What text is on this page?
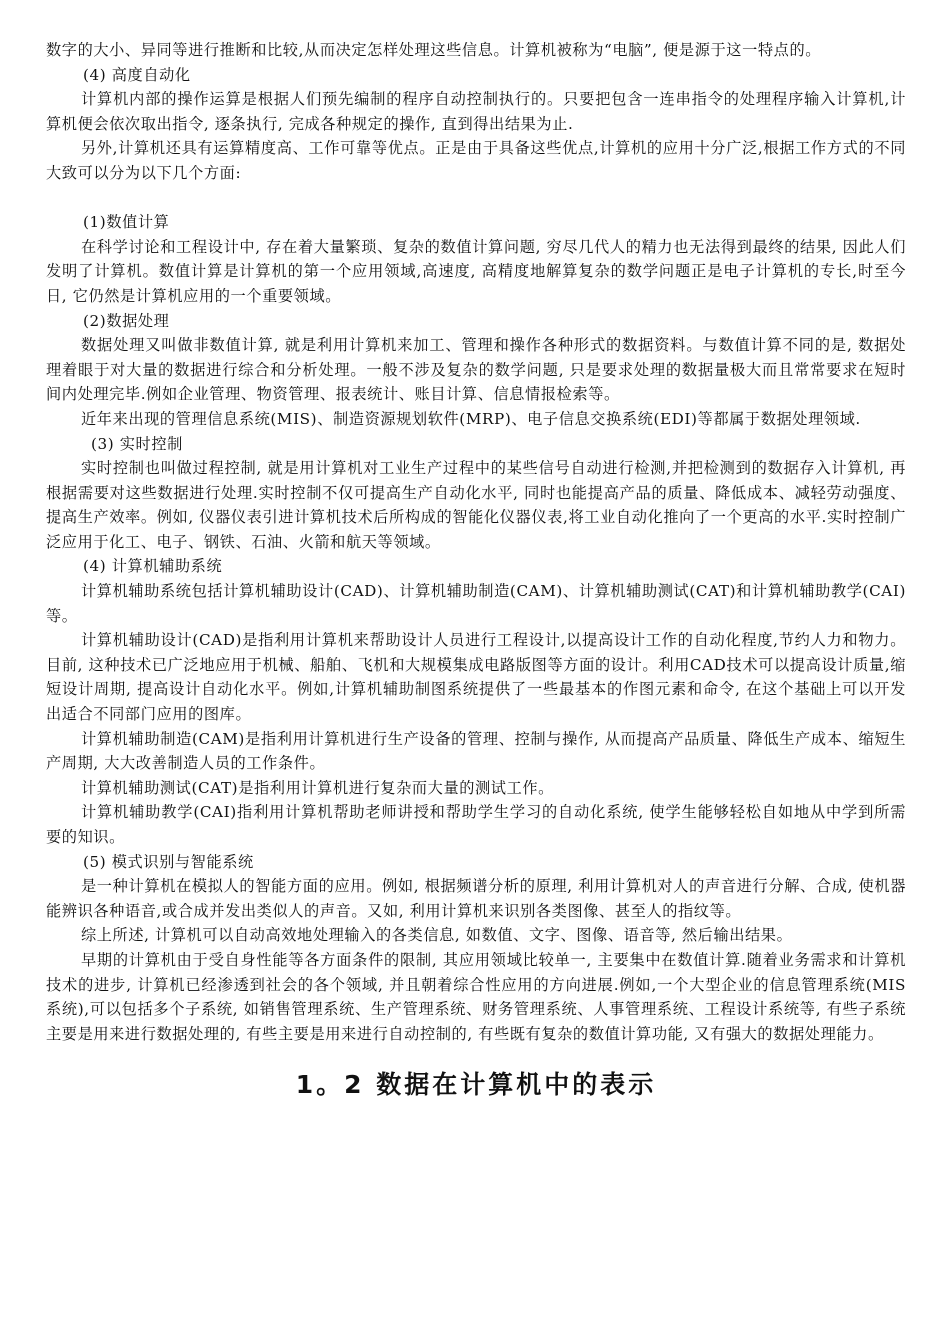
数字的大小、异同等进行推断和比较,从而决定怎样处理这些信息。计算机被称为“电脑”, 便是源于这一特点的。

(4) 高度自动化

计算机内部的操作运算是根据人们预先编制的程序自动控制执行的。只要把包含一连串指令的处理程序输入计算机,计算机便会依次取出指令, 逐条执行, 完成各种规定的操作, 直到得出结果为止.

另外,计算机还具有运算精度高、工作可靠等优点。正是由于具备这些优点,计算机的应用十分广泛,根据工作方式的不同大致可以分为以下几个方面:

(1)数值计算

在科学讨论和工程设计中, 存在着大量繁琐、复杂的数值计算问题, 穷尽几代人的精力也无法得到最终的结果, 因此人们发明了计算机。数值计算是计算机的第一个应用领域,高速度, 高精度地解算复杂的数学问题正是电子计算机的专长,时至今日, 它仍然是计算机应用的一个重要领域。

(2)数据处理

数据处理又叫做非数值计算, 就是利用计算机来加工、管理和操作各种形式的数据资料。与数值计算不同的是, 数据处理着眼于对大量的数据进行综合和分析处理。一般不涉及复杂的数学问题, 只是要求处理的数据量极大而且常常要求在短时间内处理完毕.例如企业管理、物资管理、报表统计、账目计算、信息情报检索等。

近年来出现的管理信息系统(MIS)、制造资源规划软件(MRP)、电子信息交换系统(EDI)等都属于数据处理领域.

(3) 实时控制

实时控制也叫做过程控制, 就是用计算机对工业生产过程中的某些信号自动进行检测,并把检测到的数据存入计算机, 再根据需要对这些数据进行处理.实时控制不仅可提高生产自动化水平, 同时也能提高产品的质量、降低成本、减轻劳动强度、提高生产效率。例如, 仪器仪表引进计算机技术后所构成的智能化仪器仪表,将工业自动化推向了一个更高的水平.实时控制广泛应用于化工、电子、钢铁、石油、火箭和航天等领域。

(4) 计算机辅助系统

计算机辅助系统包括计算机辅助设计(CAD)、计算机辅助制造(CAM)、计算机辅助测试(CAT)和计算机辅助教学(CAI)等。

计算机辅助设计(CAD)是指利用计算机来帮助设计人员进行工程设计,以提高设计工作的自动化程度,节约人力和物力。目前, 这种技术已广泛地应用于机械、船舶、飞机和大规模集成电路版图等方面的设计。利用CAD技术可以提高设计质量,缩短设计周期, 提高设计自动化水平。例如,计算机辅助制图系统提供了一些最基本的作图元素和命令, 在这个基础上可以开发出适合不同部门应用的图库。

计算机辅助制造(CAM)是指利用计算机进行生产设备的管理、控制与操作, 从而提高产品质量、降低生产成本、缩短生产周期, 大大改善制造人员的工作条件。

计算机辅助测试(CAT)是指利用计算机进行复杂而大量的测试工作。

计算机辅助教学(CAI)指利用计算机帮助老师讲授和帮助学生学习的自动化系统, 使学生能够轻松自如地从中学到所需要的知识。

(5) 模式识别与智能系统

是一种计算机在模拟人的智能方面的应用。例如, 根据频谱分析的原理, 利用计算机对人的声音进行分解、合成, 使机器能辨识各种语音,或合成并发出类似人的声音。又如, 利用计算机来识别各类图像、甚至人的指纹等。

综上所述, 计算机可以自动高效地处理输入的各类信息, 如数值、文字、图像、语音等, 然后输出结果。

早期的计算机由于受自身性能等各方面条件的限制, 其应用领域比较单一, 主要集中在数值计算.随着业务需求和计算机技术的进步, 计算机已经渗透到社会的各个领域, 并且朝着综合性应用的方向进展.例如,一个大型企业的信息管理系统(MIS系统),可以包括多个子系统, 如销售管理系统、生产管理系统、财务管理系统、人事管理系统、工程设计系统等, 有些子系统主要是用来进行数据处理的, 有些主要是用来进行自动控制的, 有些既有复杂的数值计算功能, 又有强大的数据处理能力。

1。2 数据在计算机中的表示
